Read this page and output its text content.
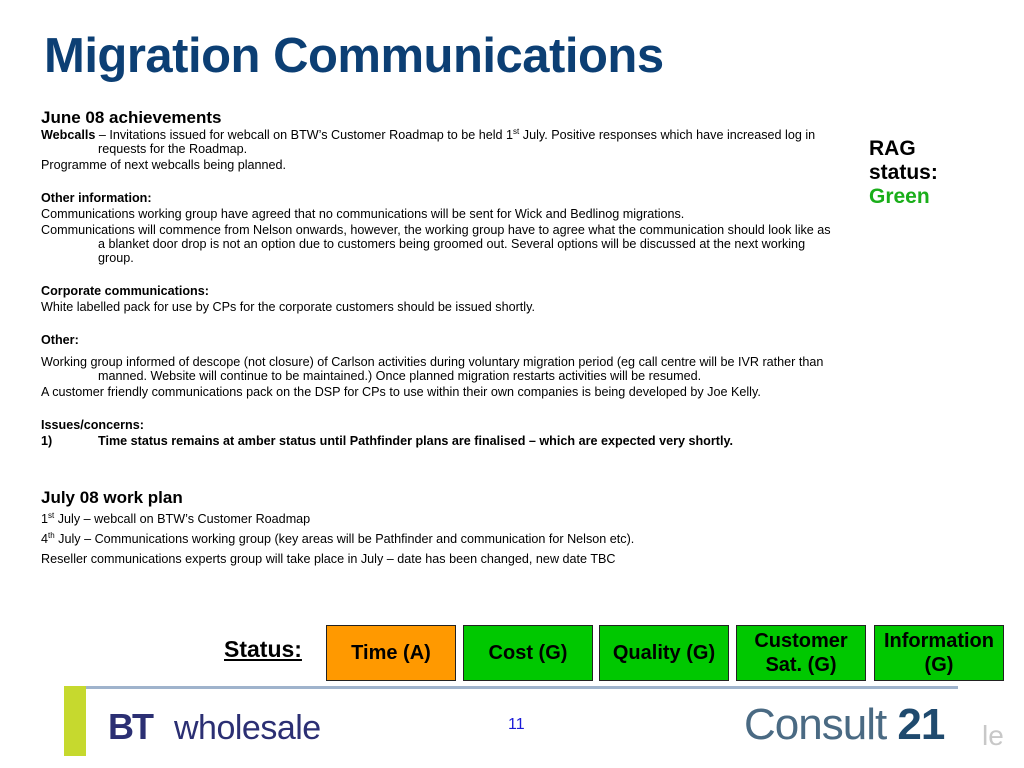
Migration Communications
June 08 achievements

Webcalls – Invitations issued for webcall on BTW’s Customer Roadmap to be held 1st July. Positive responses which have increased log in requests for the Roadmap.

Programme of next webcalls being planned.

Other information:

Communications working group have agreed that no communications will be sent for Wick and Bedlinog migrations.

Communications will commence from Nelson onwards, however, the working group have to agree what the communication should look like as a blanket door drop is not an option due to customers being groomed out. Several options will be discussed at the next working group.

Corporate communications:

White labelled pack for use by CPs for the corporate customers should be issued shortly.

Other:

Working group informed of descope (not closure) of Carlson activities during voluntary migration period (eg call centre will be IVR rather than manned. Website will continue to be maintained.) Once planned migration restarts activities will be resumed.

A customer friendly communications pack on the DSP for CPs to use within their own companies is being developed by Joe Kelly.

Issues/concerns:

1)	Time status remains at amber status until Pathfinder plans are finalised – which are expected very shortly.

July 08 work plan

1st July – webcall on BTW’s Customer Roadmap

4th July – Communications working group (key areas will be Pathfinder and communication for Nelson etc).

Reseller communications experts group will take place in July – date has been changed, new date TBC

RAG status:
Green
Status:	Time (A)	Cost (G)	Quality (G)
Customer Sat. (G)
Information (G)
BT wholesale	11	Consult 21 le
